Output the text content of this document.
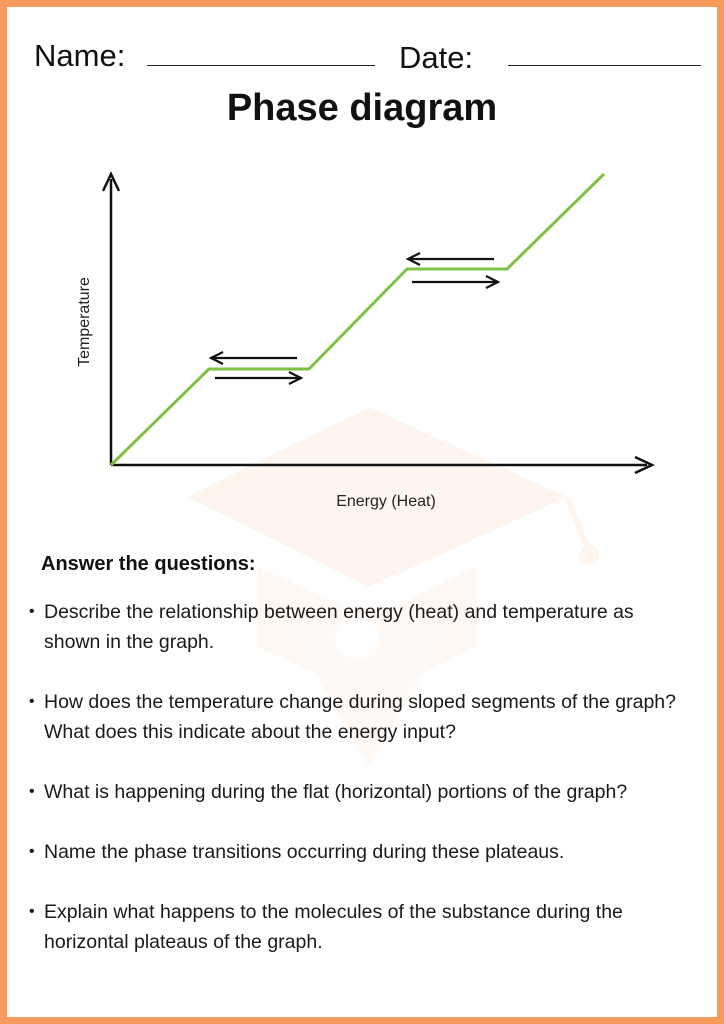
Name:	Date:
Phase diagram
Temperature
Energy (Heat)
Answer the questions:
• Describe the relationship between energy (heat) and temperature as shown in the graph.
• How does the temperature change during sloped segments of the graph? What does this indicate about the energy input?
• What is happening during the flat (horizontal) portions of the graph?
• Name the phase transitions occurring during these plateaus.
• Explain what happens to the molecules of the substance during the horizontal plateaus of the graph.
